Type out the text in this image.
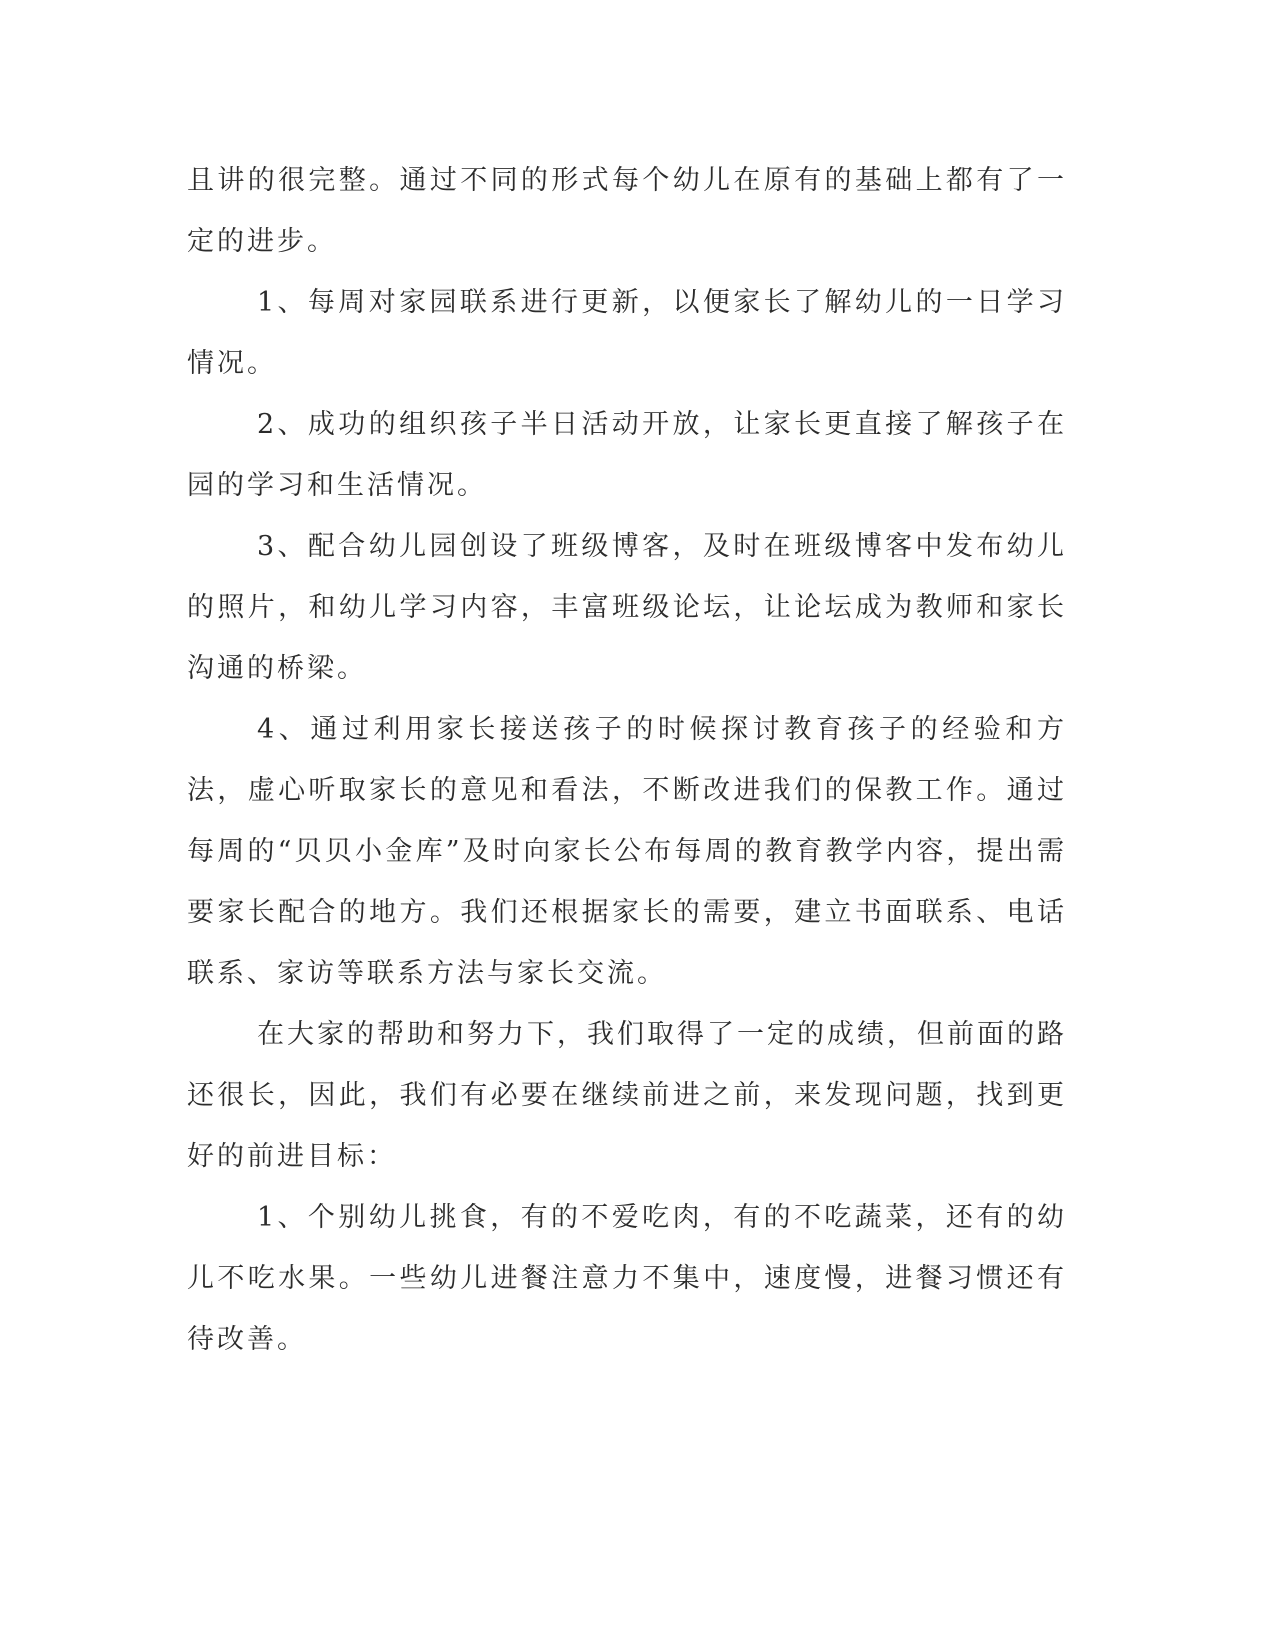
且讲的很完整。通过不同的形式每个幼儿在原有的基础上都有了一定的进步。

1、每周对家园联系进行更新，以便家长了解幼儿的一日学习情况。

2、成功的组织孩子半日活动开放，让家长更直接了解孩子在园的学习和生活情况。

3、配合幼儿园创设了班级博客，及时在班级博客中发布幼儿的照片，和幼儿学习内容，丰富班级论坛，让论坛成为教师和家长沟通的桥梁。

4、通过利用家长接送孩子的时候探讨教育孩子的经验和方法，虚心听取家长的意见和看法，不断改进我们的保教工作。通过每周的“贝贝小金库”及时向家长公布每周的教育教学内容，提出需要家长配合的地方。我们还根据家长的需要，建立书面联系、电话联系、家访等联系方法与家长交流。

在大家的帮助和努力下，我们取得了一定的成绩，但前面的路还很长，因此，我们有必要在继续前进之前，来发现问题，找到更好的前进目标：

1、个别幼儿挑食，有的不爱吃肉，有的不吃蔬菜，还有的幼儿不吃水果。一些幼儿进餐注意力不集中，速度慢，进餐习惯还有待改善。
